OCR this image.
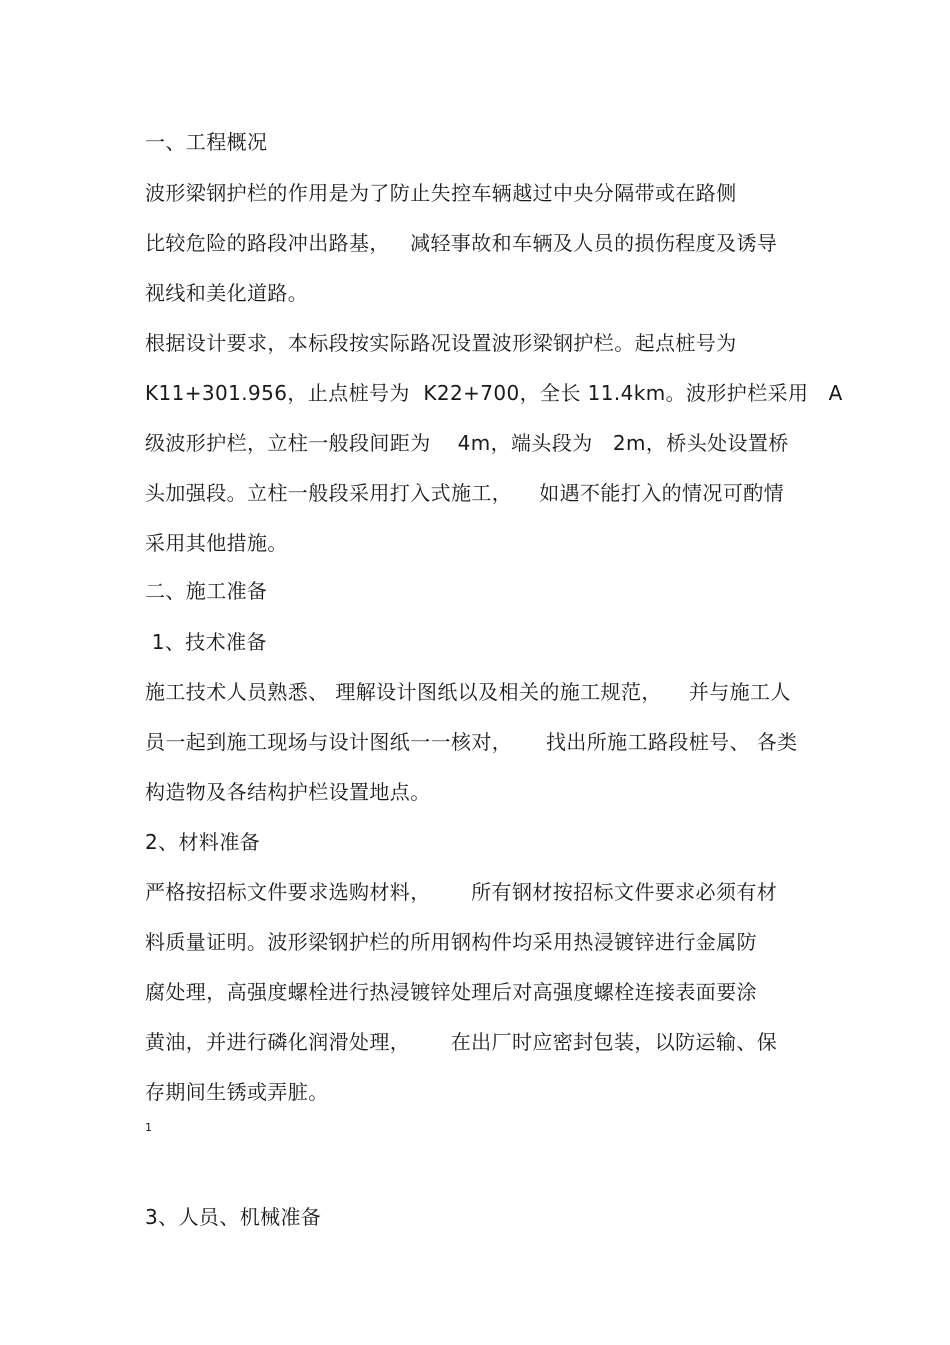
一、工程概况
波形梁钢护栏的作用是为了防止失控车辆越过中央分隔带或在路侧
比较危险的路段冲出路基，   减轻事故和车辆及人员的损伤程度及诱导
视线和美化道路。
根据设计要求，本标段按实际路况设置波形梁钢护栏。起点桩号为
K11+301.956，止点桩号为  K22+700，全长 11.4km。波形护栏采用   A
级波形护栏，立柱一般段间距为    4m，端头段为   2m，桥头处设置桥
头加强段。立柱一般段采用打入式施工，    如遇不能打入的情况可酌情
采用其他措施。
二、施工准备
1、技术准备
施工技术人员熟悉、 理解设计图纸以及相关的施工规范，    并与施工人
员一起到施工现场与设计图纸一一核对，     找出所施工路段桩号、 各类
构造物及各结构护栏设置地点。
2、材料准备
严格按招标文件要求选购材料，      所有钢材按招标文件要求必须有材
料质量证明。波形梁钢护栏的所用钢构件均采用热浸镀锌进行金属防
腐处理，高强度螺栓进行热浸镀锌处理后对高强度螺栓连接表面要涂
黄油，并进行磷化润滑处理，      在出厂时应密封包装，以防运输、保
存期间生锈或弄脏。
1
3、人员、机械准备
